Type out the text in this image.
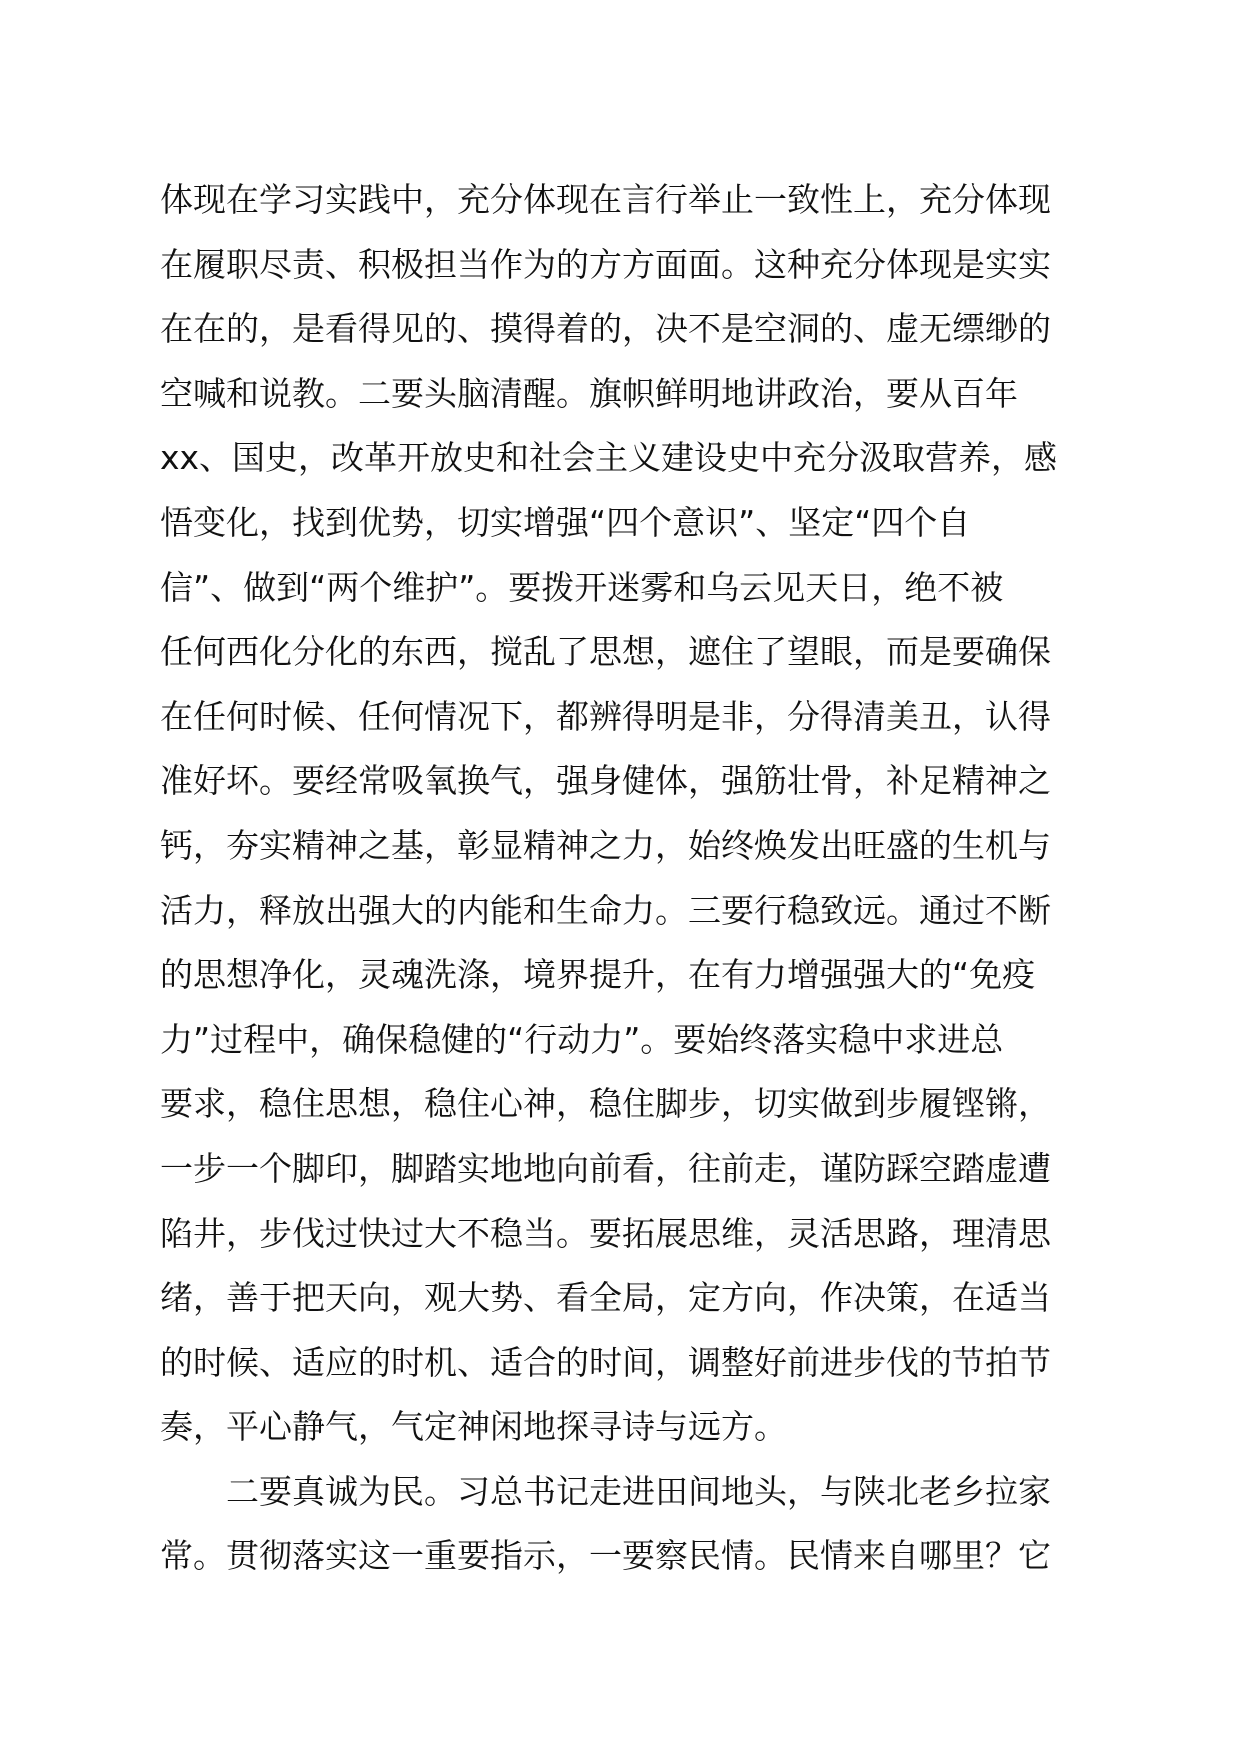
体现在学习实践中，充分体现在言行举止一致性上，充分体现
在履职尽责、积极担当作为的方方面面。这种充分体现是实实
在在的，是看得见的、摸得着的，决不是空洞的、虚无缥缈的
空喊和说教。二要头脑清醒。旗帜鲜明地讲政治，要从百年
xx、国史，改革开放史和社会主义建设史中充分汲取营养，感
悟变化，找到优势，切实增强“四个意识”、坚定“四个自
信”、做到“两个维护”。要拨开迷雾和乌云见天日，绝不被
任何西化分化的东西，搅乱了思想，遮住了望眼，而是要确保
在任何时候、任何情况下，都辨得明是非，分得清美丑，认得
准好坏。要经常吸氧换气，强身健体，强筋壮骨，补足精神之
钙，夯实精神之基，彰显精神之力，始终焕发出旺盛的生机与
活力，释放出强大的内能和生命力。三要行稳致远。通过不断
的思想净化，灵魂洗涤，境界提升，在有力增强强大的“免疫
力”过程中，确保稳健的“行动力”。要始终落实稳中求进总
要求，稳住思想，稳住心神，稳住脚步，切实做到步履铿锵，
一步一个脚印，脚踏实地地向前看，往前走，谨防踩空踏虚遭
陷井，步伐过快过大不稳当。要拓展思维，灵活思路，理清思
绪，善于把天向，观大势、看全局，定方向，作决策，在适当
的时候、适应的时机、适合的时间，调整好前进步伐的节拍节
奏，平心静气，气定神闲地探寻诗与远方。
二要真诚为民。习总书记走进田间地头，与陕北老乡拉家
常。贯彻落实这一重要指示，一要察民情。民情来自哪里？它
